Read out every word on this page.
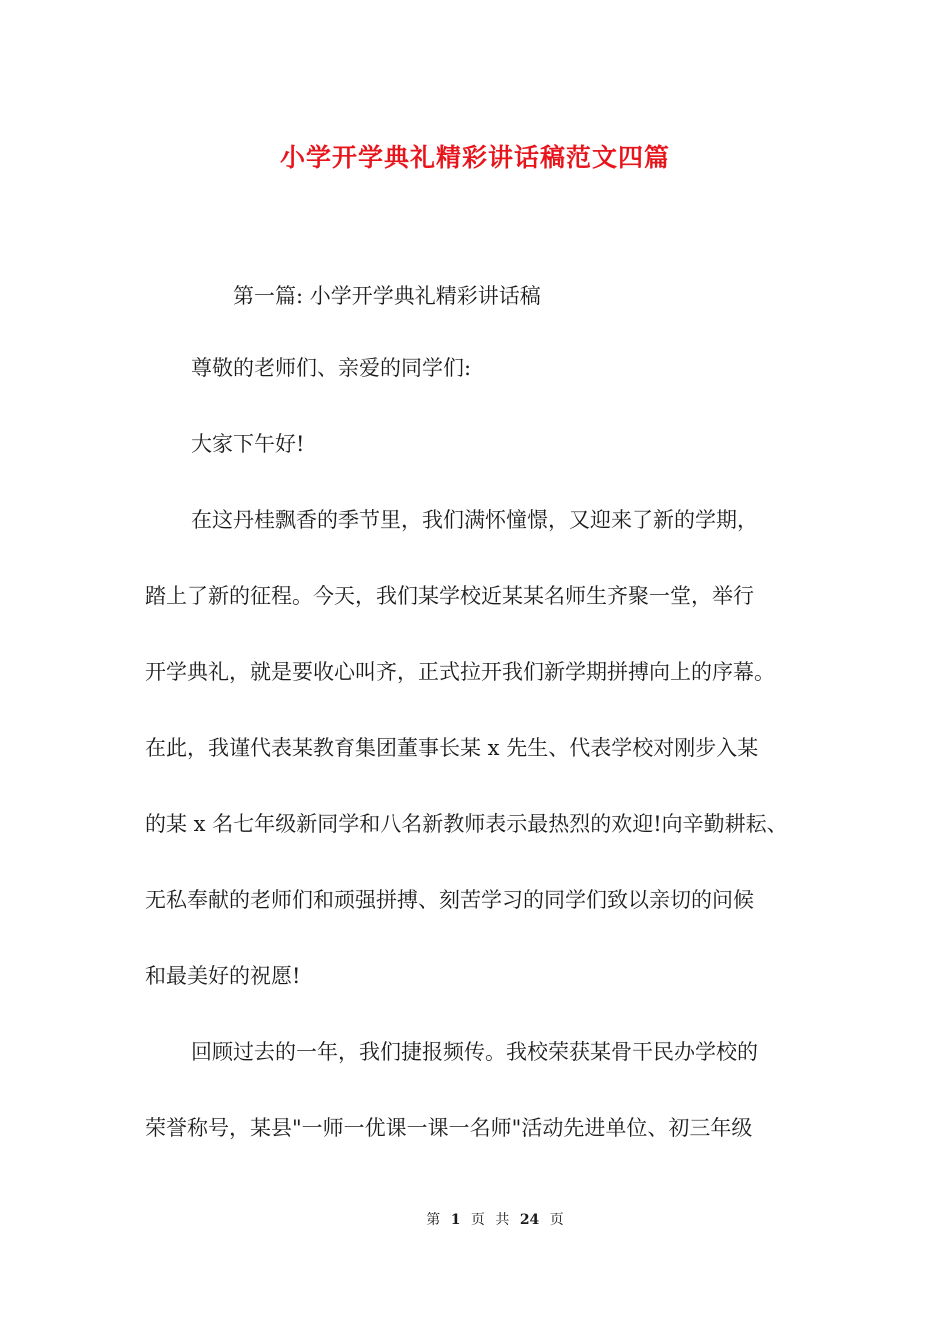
小学开学典礼精彩讲话稿范文四篇
第一篇: 小学开学典礼精彩讲话稿
尊敬的老师们、亲爱的同学们:
大家下午好!
在这丹桂飘香的季节里，我们满怀憧憬，又迎来了新的学期，
踏上了新的征程。今天，我们某学校近某某名师生齐聚一堂，举行
开学典礼，就是要收心叫齐，正式拉开我们新学期拼搏向上的序幕。
在此，我谨代表某教育集团董事长某 x 先生、代表学校对刚步入某
的某 x 名七年级新同学和八名新教师表示最热烈的欢迎!向辛勤耕耘、
无私奉献的老师们和顽强拼搏、刻苦学习的同学们致以亲切的问候
和最美好的祝愿!
回顾过去的一年，我们捷报频传。我校荣获某骨干民办学校的
荣誉称号，某县"一师一优课一课一名师"活动先进单位、初三年级
第 1 页 共 24 页
